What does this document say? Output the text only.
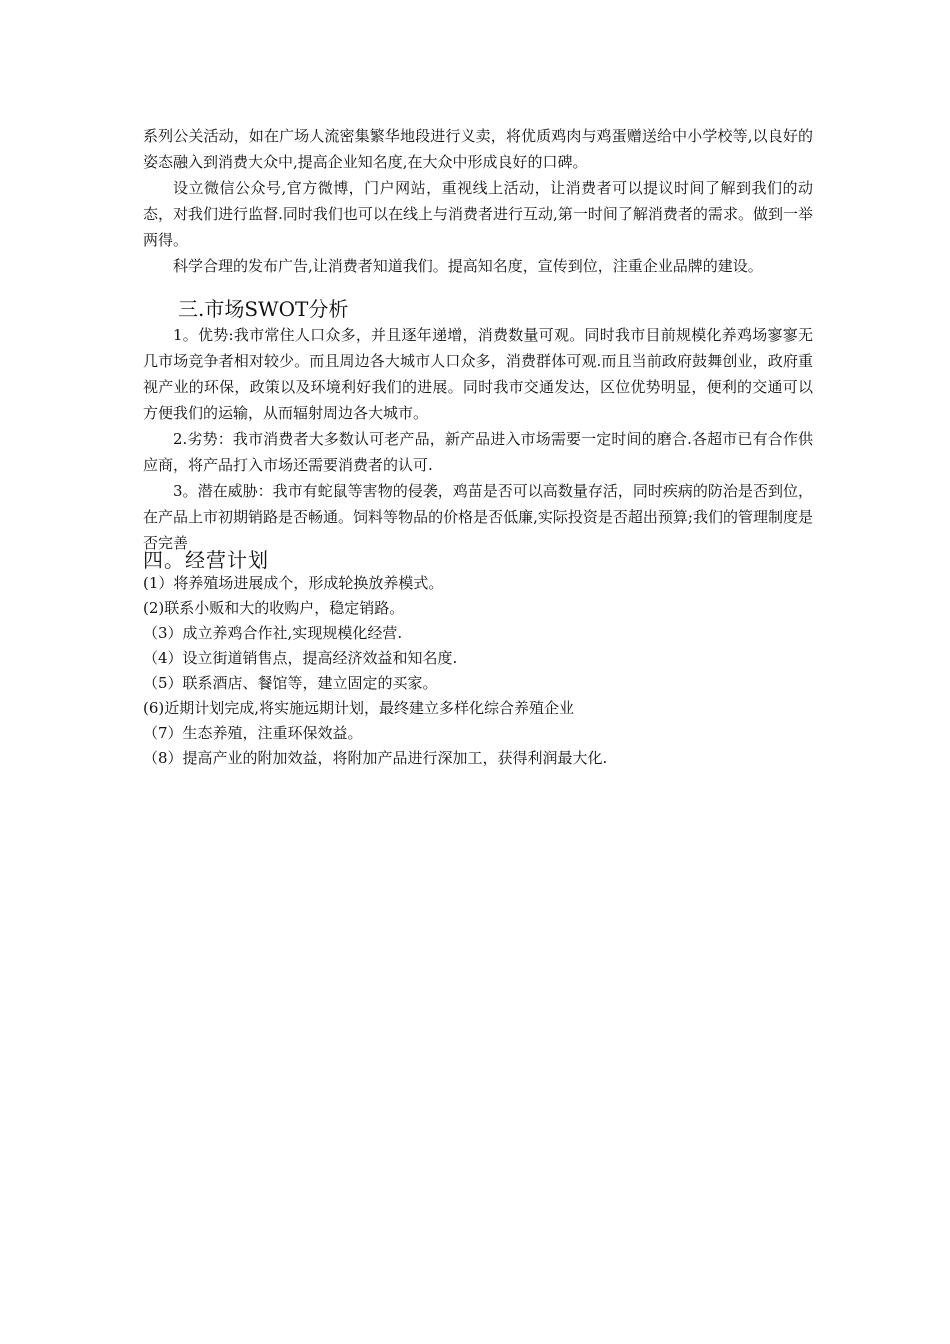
系列公关活动，如在广场人流密集繁华地段进行义卖，将优质鸡肉与鸡蛋赠送给中小学校等,以良好的姿态融入到消费大众中,提高企业知名度,在大众中形成良好的口碑。

设立微信公众号,官方微博，门户网站，重视线上活动，让消费者可以提议时间了解到我们的动态，对我们进行监督.同时我们也可以在线上与消费者进行互动,第一时间了解消费者的需求。做到一举两得。

科学合理的发布广告,让消费者知道我们。提高知名度，宣传到位，注重企业品牌的建设。

三.市场SWOT分析

1。优势:我市常住人口众多，并且逐年递增，消费数量可观。同时我市目前规模化养鸡场寥寥无几市场竞争者相对较少。而且周边各大城市人口众多，消费群体可观.而且当前政府鼓舞创业，政府重视产业的环保，政策以及环境利好我们的进展。同时我市交通发达，区位优势明显，便利的交通可以方便我们的运输，从而辐射周边各大城市。

2.劣势：我市消费者大多数认可老产品，新产品进入市场需要一定时间的磨合.各超市已有合作供应商，将产品打入市场还需要消费者的认可.

3。潜在威胁：我市有蛇鼠等害物的侵袭，鸡苗是否可以高数量存活，同时疾病的防治是否到位，在产品上市初期销路是否畅通。饲料等物品的价格是否低廉,实际投资是否超出预算;我们的管理制度是否完善

四。经营计划
(1）将养殖场进展成个，形成轮换放养模式。
(2)联系小贩和大的收购户，稳定销路。
（3）成立养鸡合作社,实现规模化经营.
（4）设立街道销售点，提高经济效益和知名度.
（5）联系酒店、餐馆等，建立固定的买家。
(6)近期计划完成,将实施远期计划，最终建立多样化综合养殖企业
（7）生态养殖，注重环保效益。
（8）提高产业的附加效益，将附加产品进行深加工，获得利润最大化.
